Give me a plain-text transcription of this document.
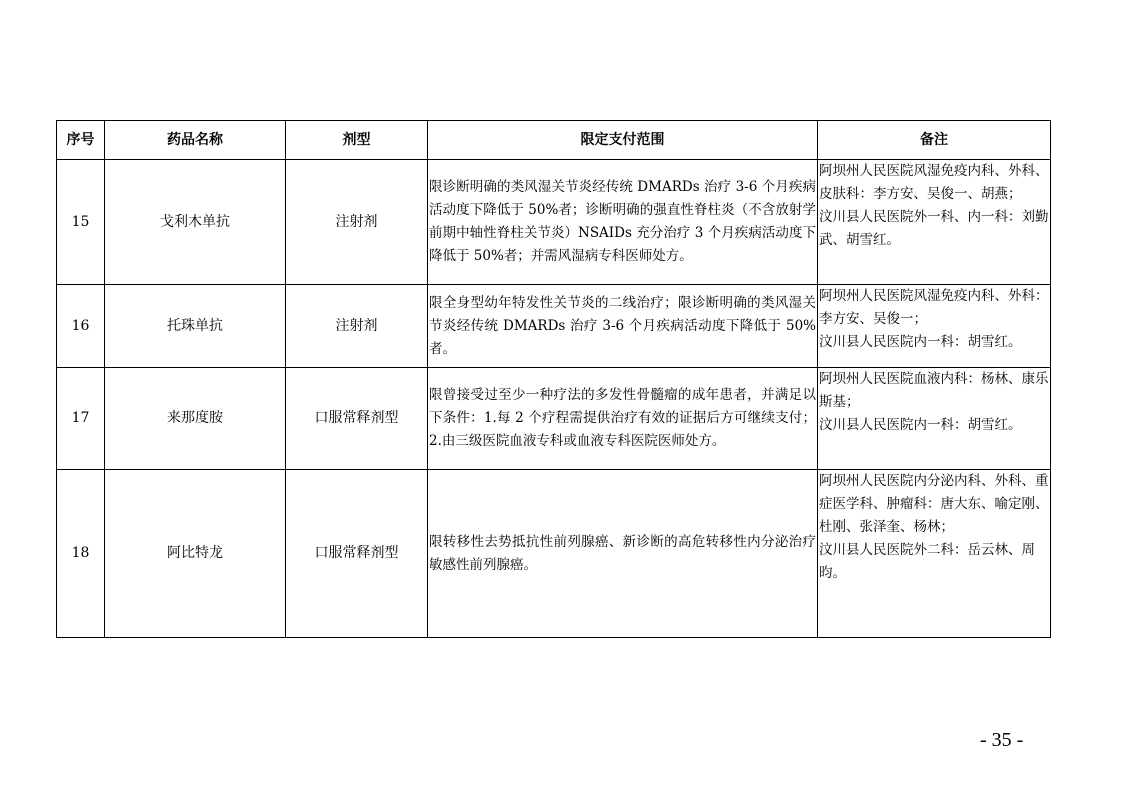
序号	药品名称	剂型	限定支付范围	备注
15	戈利木单抗	注射剂	限诊断明确的类风湿关节炎经传统 DMARDs 治疗 3-6 个月疾病活动度下降低于 50%者；诊断明确的强直性脊柱炎（不含放射学前期中轴性脊柱关节炎）NSAIDs 充分治疗 3 个月疾病活动度下降低于 50%者；并需风湿病专科医师处方。	阿坝州人民医院风湿免疫内科、外科、皮肤科：李方安、吴俊一、胡燕；
汶川县人民医院外一科、内一科：刘勤武、胡雪红。

16	托珠单抗	注射剂	限全身型幼年特发性关节炎的二线治疗；限诊断明确的类风湿关节炎经传统 DMARDs 治疗 3-6 个月疾病活动度下降低于 50%者。	阿坝州人民医院风湿免疫内科、外科：李方安、吴俊一；
汶川县人民医院内一科：胡雪红。

17	来那度胺	口服常释剂型	限曾接受过至少一种疗法的多发性骨髓瘤的成年患者，并满足以下条件：1.每 2 个疗程需提供治疗有效的证据后方可继续支付；2.由三级医院血液专科或血液专科医院医师处方。	阿坝州人民医院血液内科：杨林、康乐斯基；
汶川县人民医院内一科：胡雪红。

18	阿比特龙	口服常释剂型	限转移性去势抵抗性前列腺癌、新诊断的高危转移性内分泌治疗敏感性前列腺癌。	阿坝州人民医院内分泌内科、外科、重症医学科、肿瘤科：唐大东、喻定刚、杜刚、张泽奎、杨林；
汶川县人民医院外二科：岳云林、周昀。
- 35 -
